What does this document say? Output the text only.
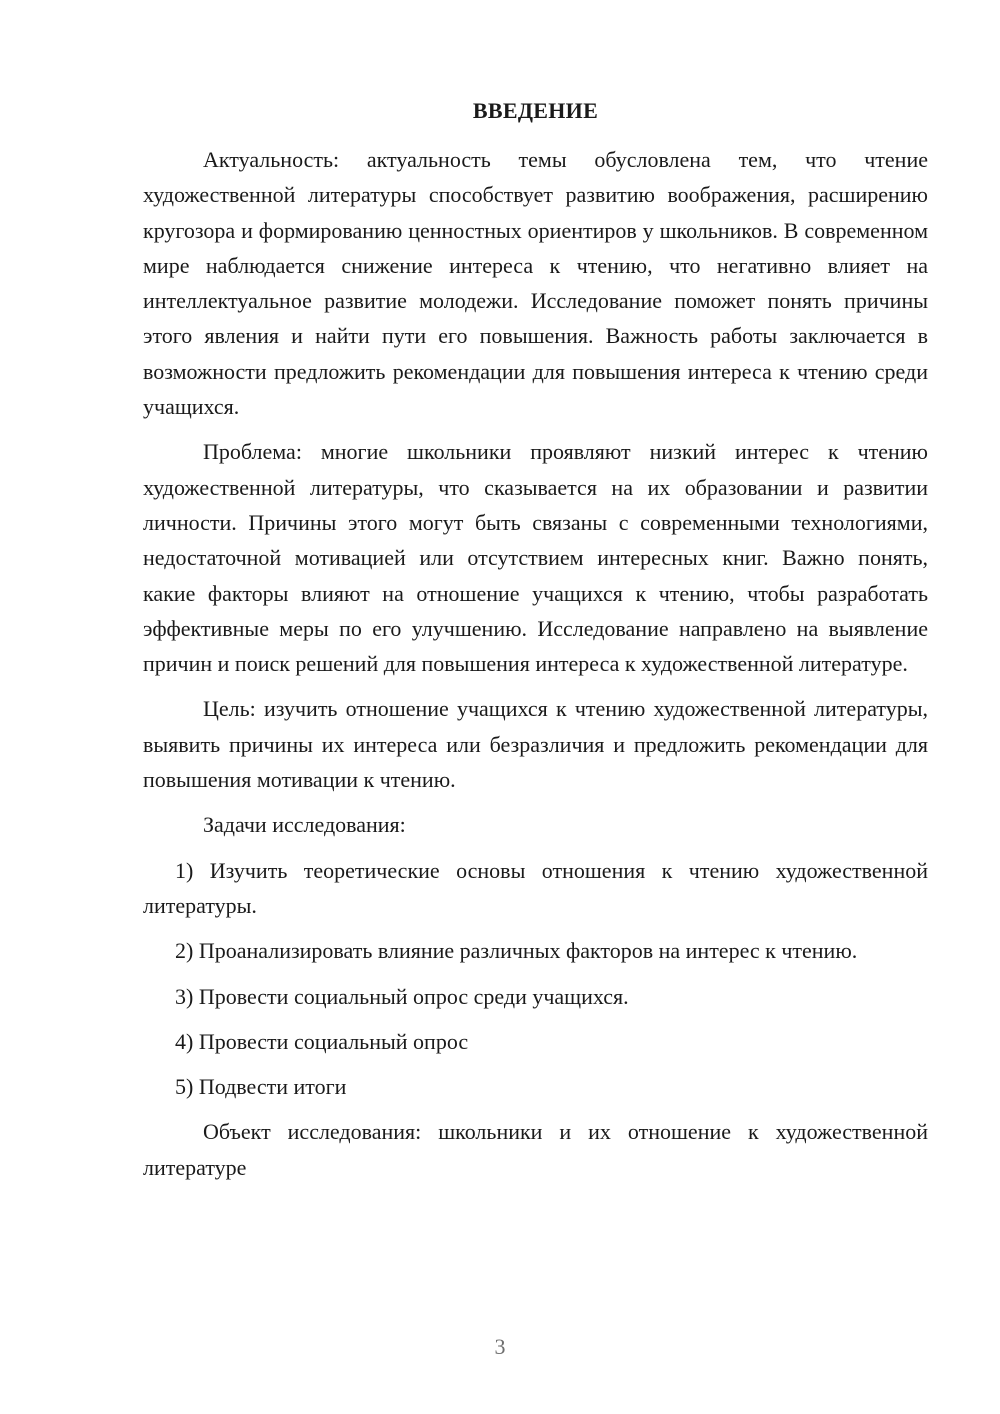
ВВЕДЕНИЕ

Актуальность: актуальность темы обусловлена тем, что чтение художественной литературы способствует развитию воображения, расширению кругозора и формированию ценностных ориентиров у школьников. В современном мире наблюдается снижение интереса к чтению, что негативно влияет на интеллектуальное развитие молодежи. Исследование поможет понять причины этого явления и найти пути его повышения. Важность работы заключается в возможности предложить рекомендации для повышения интереса к чтению среди учащихся.

Проблема: многие школьники проявляют низкий интерес к чтению художественной литературы, что сказывается на их образовании и развитии личности. Причины этого могут быть связаны с современными технологиями, недостаточной мотивацией или отсутствием интересных книг. Важно понять, какие факторы влияют на отношение учащихся к чтению, чтобы разработать эффективные меры по его улучшению. Исследование направлено на выявление причин и поиск решений для повышения интереса к художественной литературе.

Цель: изучить отношение учащихся к чтению художественной литературы, выявить причины их интереса или безразличия и предложить рекомендации для повышения мотивации к чтению.

Задачи исследования:

1) Изучить теоретические основы отношения к чтению художественной литературы.

2) Проанализировать влияние различных факторов на интерес к чтению.

3) Провести социальный опрос среди учащихся.

4) Провести социальный опрос

5) Подвести итоги

Объект исследования: школьники и их отношение к художественной литературе

3
